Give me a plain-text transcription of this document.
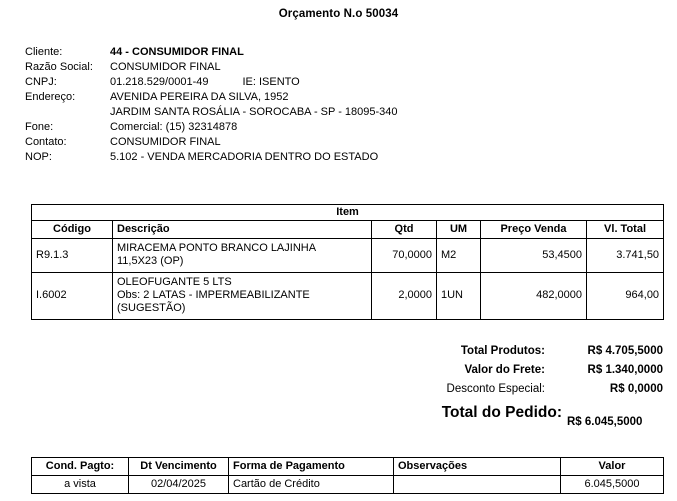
Orçamento N.o 50034
Cliente:	44 - CONSUMIDOR FINAL
Razão Social:	CONSUMIDOR FINAL
CNPJ:	01.218.529/0001-49	IE: ISENTO
Endereço:	AVENIDA PEREIRA DA SILVA, 1952
JARDIM SANTA ROSÁLIA - SOROCABA - SP - 18095-340
Fone:	Comercial: (15) 32314878
Contato:	CONSUMIDOR FINAL
NOP:	5.102 - VENDA MERCADORIA DENTRO DO ESTADO
Item					
Código	Descrição	Qtd	UM	Preço Venda	Vl. Total
R9.1.3	MIRACEMA PONTO BRANCO LAJINHA
11,5X23 (OP)	70,0000	M2	53,4500	3.741,50
I.6002	OLEOFUGANTE 5 LTS
Obs: 2 LATAS - IMPERMEABILIZANTE
(SUGESTÃO)	2,0000	1UN	482,0000	964,00
Total Produtos:	R$ 4.705,5000
Valor do Frete:	R$ 1.340,0000
Desconto Especial:	R$ 0,0000
Total do Pedido:
R$ 6.045,5000
Cond. Pagto:	Dt Vencimento	Forma de Pagamento	Observações	Valor
a vista	02/04/2025	Cartão de Crédito		6.045,5000
